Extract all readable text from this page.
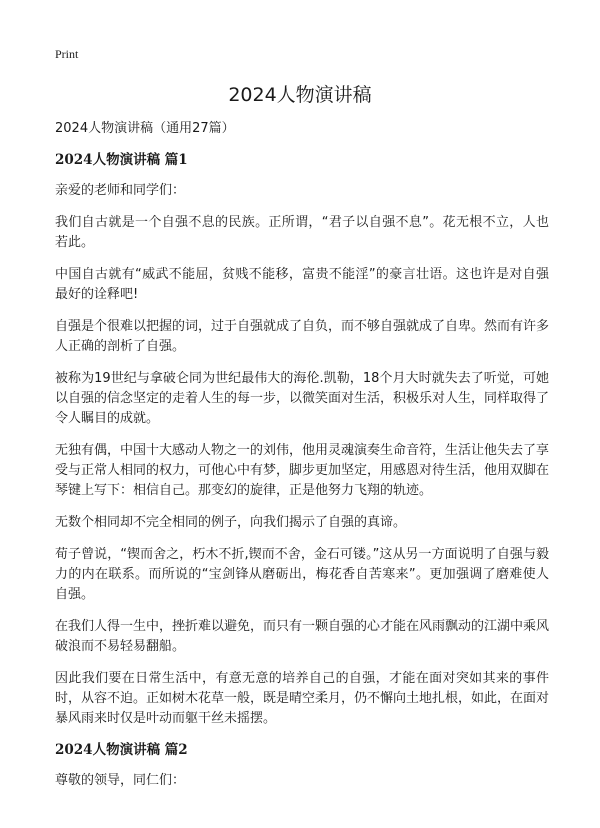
Print
2024人物演讲稿

2024人物演讲稿（通用27篇）

2024人物演讲稿 篇1

亲爱的老师和同学们：

我们自古就是一个自强不息的民族。正所谓，“君子以自强不息”。花无根不立，人也若此。

中国自古就有“威武不能屈，贫贱不能移，富贵不能淫”的豪言壮语。这也许是对自强最好的诠释吧!

自强是个很难以把握的词，过于自强就成了自负，而不够自强就成了自卑。然而有许多人正确的剖析了自强。

被称为19世纪与拿破仑同为世纪最伟大的海伦.凯勒，18个月大时就失去了听觉，可她以自强的信念坚定的走着人生的每一步，以微笑面对生活，积极乐对人生，同样取得了令人瞩目的成就。

无独有偶，中国十大感动人物之一的刘伟，他用灵魂演奏生命音符，生活让他失去了享受与正常人相同的权力，可他心中有梦，脚步更加坚定，用感恩对待生活，他用双脚在琴键上写下：相信自己。那变幻的旋律，正是他努力飞翔的轨迹。

无数个相同却不完全相同的例子，向我们揭示了自强的真谛。

荀子曾说，“锲而舍之，朽木不折,锲而不舍，金石可镂。”这从另一方面说明了自强与毅力的内在联系。而所说的“宝剑锋从磨砺出，梅花香自苦寒来”。更加强调了磨难使人自强。

在我们人得一生中，挫折难以避免，而只有一颗自强的心才能在风雨飘动的江湖中乘风破浪而不易轻易翻船。

因此我们要在日常生活中，有意无意的培养自己的自强，才能在面对突如其来的事件时，从容不迫。正如树木花草一般，既是晴空柔月，仍不懈向土地扎根，如此，在面对暴风雨来时仅是叶动而躯干丝未摇摆。

2024人物演讲稿 篇2

尊敬的领导，同仁们：
